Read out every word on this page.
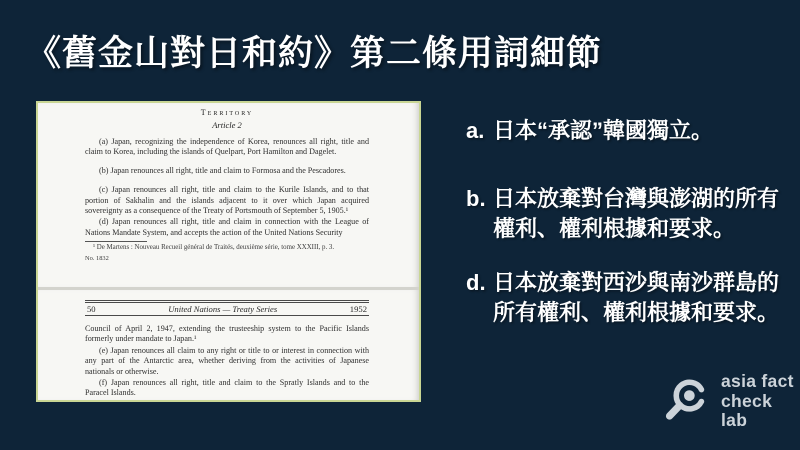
《舊金山對日和約》第二條用詞細節
Territory
Article 2

(a) Japan, recognizing the independence of Korea, renounces all right, title and claim to Korea, including the islands of Quelpart, Port Hamilton and Dagelet.

(b) Japan renounces all right, title and claim to Formosa and the Pescadores.

(c) Japan renounces all right, title and claim to the Kurile Islands, and to that portion of Sakhalin and the islands adjacent to it over which Japan acquired sovereignty as a consequence of the Treaty of Portsmouth of September 5, 1905.¹

(d) Japan renounces all right, title and claim in connection with the League of Nations Mandate System, and accepts the action of the United Nations Security

¹ De Martens : Nouveau Recueil général de Traités, deuxième série, tome XXXIII, p. 3.
No. 1832
50	United Nations — Treaty Series	1952

Council of April 2, 1947, extending the trusteeship system to the Pacific Islands formerly under mandate to Japan.¹

(e) Japan renounces all claim to any right or title to or interest in connection with any part of the Antarctic area, whether deriving from the activities of Japanese nationals or otherwise.

(f) Japan renounces all right, title and claim to the Spratly Islands and to the Paracel Islands.

a. 日本“承認”韓國獨立。
b. 日本放棄對台灣與澎湖的所有權利、權利根據和要求。
d. 日本放棄對西沙與南沙群島的所有權利、權利根據和要求。
asia fact
check lab
